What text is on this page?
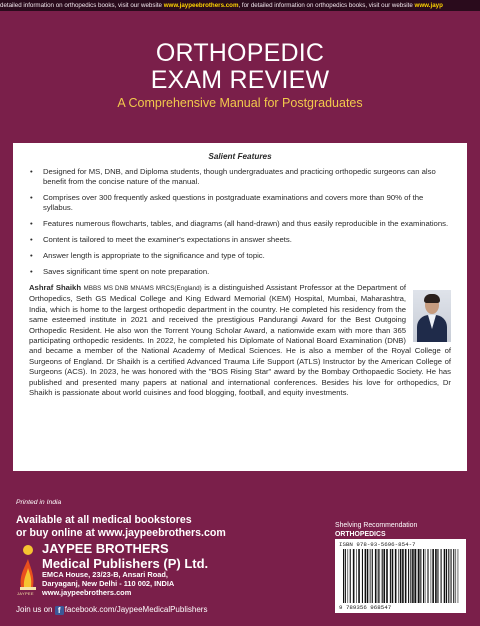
detailed information on orthopedics books, visit our website www.jaypeebrothers.com, for detailed information on orthopedics books, visit our website www.jayp
ORTHOPEDIC
EXAM REVIEW
A Comprehensive Manual for Postgraduates
Salient Features
• Designed for MS, DNB, and Diploma students, though undergraduates and practicing orthopedic surgeons can also benefit from the concise nature of the manual.
• Comprises over 300 frequently asked questions in postgraduate examinations and covers more than 90% of the syllabus.
• Features numerous flowcharts, tables, and diagrams (all hand-drawn) and thus easily reproducible in the examinations.
• Content is tailored to meet the examiner's expectations in answer sheets.
• Answer length is appropriate to the significance and type of topic.
• Saves significant time spent on note preparation.
Ashraf Shaikh MBBS MS DNB MNAMS MRCS(England) is a distinguished Assistant Professor at the Department of Orthopedics, Seth GS Medical College and King Edward Memorial (KEM) Hospital, Mumbai, Maharashtra, India, which is home to the largest orthopedic department in the country. He completed his residency from the same esteemed institute in 2021 and received the prestigious Pandurangi Award for the Best Outgoing Orthopedic Resident. He also won the Torrent Young Scholar Award, a nationwide exam with more than 365 participating orthopedic residents. In 2022, he completed his Diplomate of National Board Examination (DNB) and became a member of the National Academy of Medical Sciences. He is also a member of the Royal College of Surgeons of England. Dr Shaikh is a certified Advanced Trauma Life Support (ATLS) Instructor by the American College of Surgeons (ACS). In 2023, he was honored with the "BOS Rising Star" award by the Bombay Orthopaedic Society. He has published and presented many papers at national and international conferences. Besides his love for orthopedics, Dr Shaikh is passionate about world cuisines and food blogging, football, and equity investments.
Printed in India
Available at all medical bookstores
or buy online at www.jaypeebrothers.com
JAYPEE
JAYPEE BROTHERS
Medical Publishers (P) Ltd.
EMCA House, 23/23-B, Ansari Road,
Daryaganj, New Delhi - 110 002, INDIA
www.jaypeebrothers.com
Join us on f facebook.com/JaypeeMedicalPublishers
Shelving Recommendation
ORTHOPEDICS
ISBN 978-93-5696-854-7
9 789356 968547
